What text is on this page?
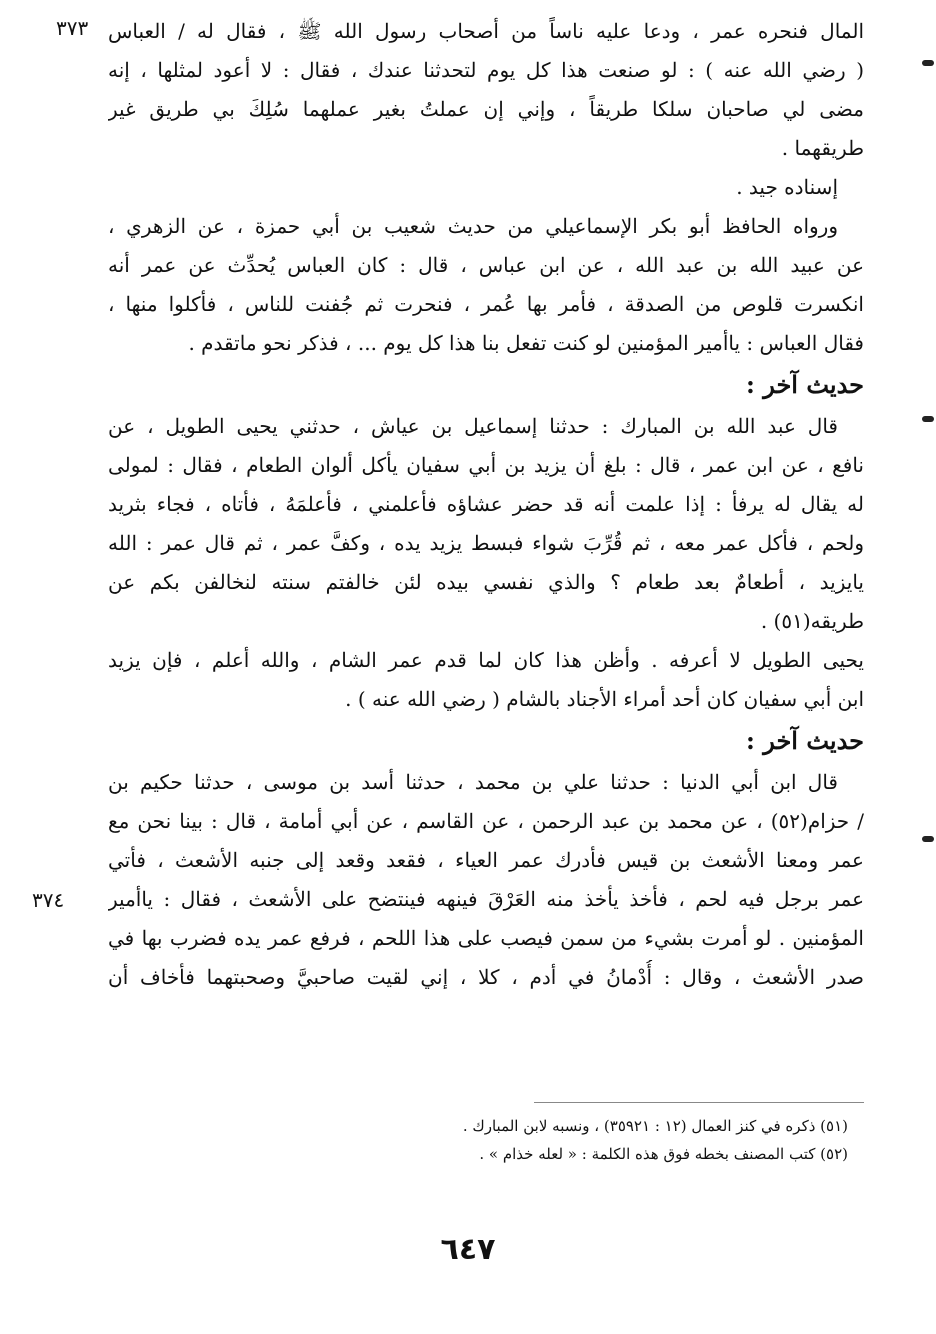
٣٧٣
٣٧٤
المال فنحره عمر ، ودعا عليه ناساً من أصحاب رسول الله ﷺ ، فقال له / العباس
( رضي الله عنه ) : لو صنعت هذا كل يوم لتحدثنا عندك ، فقال : لا أعود لمثلها ، إنه
مضى لي صاحبان سلكا طريقاً ، وإني إن عملتُ بغير عملهما سُلِكَ بي طريق غير
طريقهما .
إسناده جيد .
ورواه الحافظ أبو بكر الإسماعيلي من حديث شعيب بن أبي حمزة ، عن الزهري ،
عن عبيد الله بن عبد الله ، عن ابن عباس ، قال : كان العباس يُحدِّث عن عمر أنه
انكسرت قلوص من الصدقة ، فأمر بها عُمر ، فنحرت ثم جُفنت للناس ، فأكلوا منها ،
فقال العباس : ياأمير المؤمنين لو كنت تفعل بنا هذا كل يوم ... ، فذكر نحو ماتقدم .
حديث آخر :
قال عبد الله بن المبارك : حدثنا إسماعيل بن عياش ، حدثني يحيى الطويل ، عن
نافع ، عن ابن عمر ، قال : بلغ أن يزيد بن أبي سفيان يأكل ألوان الطعام ، فقال : لمولى
له يقال له يرفأ : إذا علمت أنه قد حضر عشاؤه فأعلمني ، فأعلمَهُ ، فأتاه ، فجاء بثريد
ولحم ، فأكل عمر معه ، ثم قُرِّبَ شواء فبسط يزيد يده ، وكفَّ عمر ، ثم قال عمر : الله
يايزيد ، أطعامٌ بعد طعام ؟ والذي نفسي بيده لئن خالفتم سنته لنخالفن بكم عن
طريقه(٥١) .
يحيى الطويل لا أعرفه . وأظن هذا كان لما قدم عمر الشام ، والله أعلم ، فإن يزيد
ابن أبي سفيان كان أحد أمراء الأجناد بالشام ( رضي الله عنه ) .
حديث آخر :
قال ابن أبي الدنيا : حدثنا علي بن محمد ، حدثنا أسد بن موسى ، حدثنا حكيم بن
/ حزام(٥٢) ، عن محمد بن عبد الرحمن ، عن القاسم ، عن أبي أمامة ، قال : بينا نحن مع
عمر ومعنا الأشعث بن قيس فأدرك عمر العياء ، فقعد وقعد إلى جنبه الأشعث ، فأتي
عمر برجل فيه لحم ، فأخذ يأخذ منه العَرْقَ فينهه فينتضح على الأشعث ، فقال : ياأمير
المؤمنين . لو أمرت بشيء من سمن فيصب على هذا اللحم ، فرفع عمر يده فضرب بها في
صدر الأشعث ، وقال : أُدْمانُ في أدم ، كلا ، إني لقيت صاحبيَّ وصحبتهما فأخاف أن
(٥١) ذكره في كنز العمال (١٢ : ٣٥٩٢١) ، ونسبه لابن المبارك .
(٥٢) كتب المصنف بخطه فوق هذه الكلمة : « لعله خذام » .
٦٤٧
